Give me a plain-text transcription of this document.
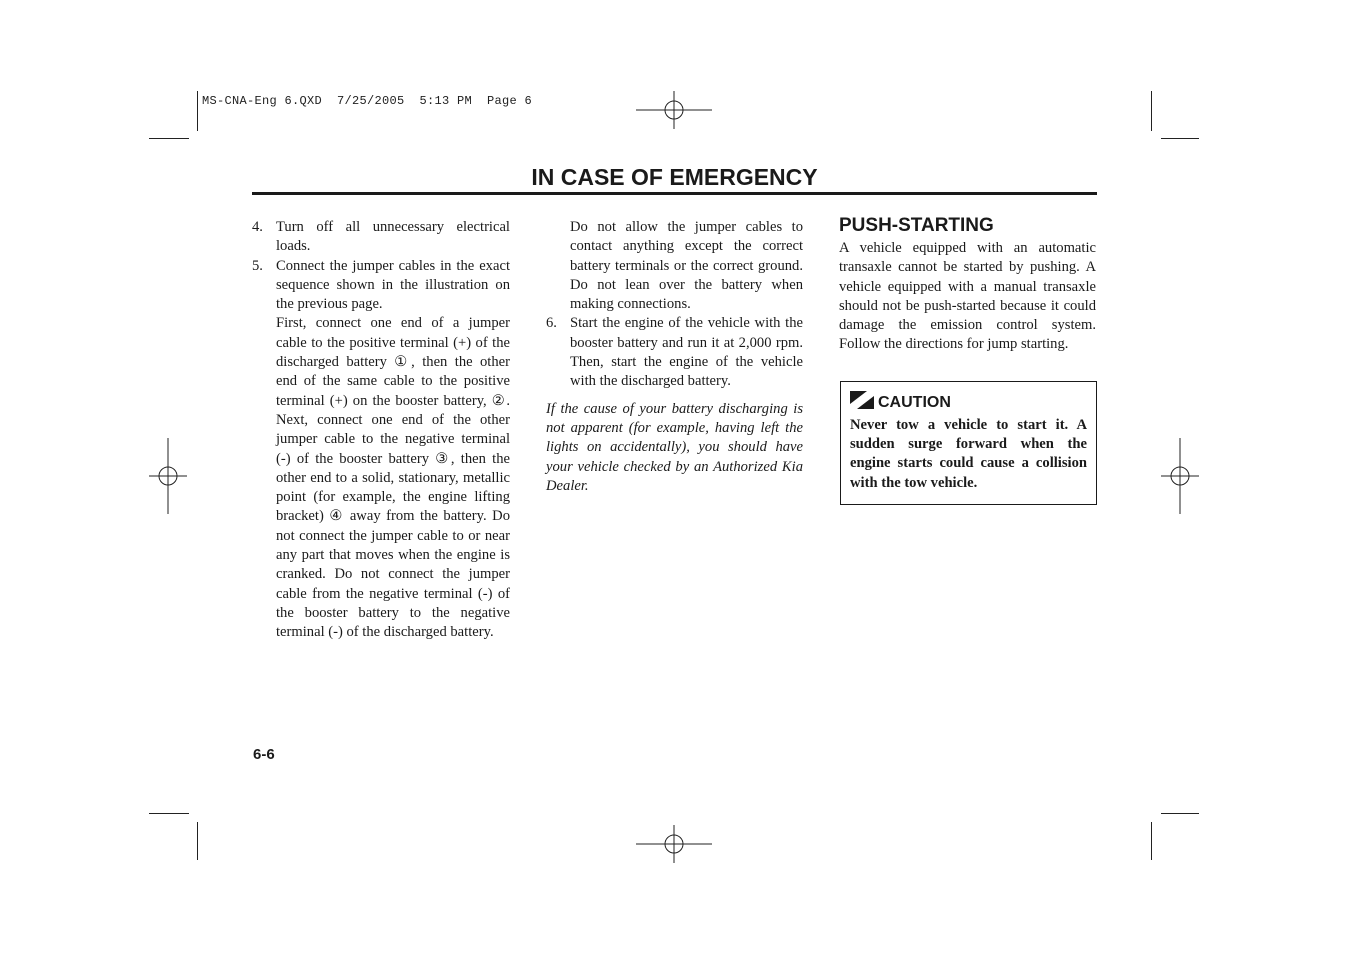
MS-CNA-Eng 6.QXD  7/25/2005  5:13 PM  Page 6
IN CASE OF EMERGENCY
4. Turn off all unnecessary electrical loads.
5. Connect the jumper cables in the exact sequence shown in the illustration on the previous page.
First, connect one end of a jumper cable to the positive terminal (+) of the discharged battery ①, then the other end of the same cable to the positive terminal (+) on the booster battery, ②. Next, connect one end of the other jumper cable to the negative terminal (-) of the booster battery ③, then the other end to a solid, stationary, metallic point (for example, the engine lifting bracket) ④ away from the battery. Do not connect the jumper cable to or near any part that moves when the engine is cranked. Do not connect the jumper cable from the negative terminal (-) of the booster battery to the negative terminal (-) of the discharged battery.
Do not allow the jumper cables to contact anything except the correct battery terminals or the correct ground. Do not lean over the battery when making connections.
6. Start the engine of the vehicle with the booster battery and run it at 2,000 rpm. Then, start the engine of the vehicle with the discharged battery.
If the cause of your battery discharging is not apparent (for example, having left the lights on accidentally), you should have your vehicle checked by an Authorized Kia Dealer.
PUSH-STARTING
A vehicle equipped with an automatic transaxle cannot be started by pushing. A vehicle equipped with a manual transaxle should not be push-started because it could damage the emission control system. Follow the directions for jump starting.
CAUTION
Never tow a vehicle to start it. A sudden surge forward when the engine starts could cause a collision with the tow vehicle.
6-6
